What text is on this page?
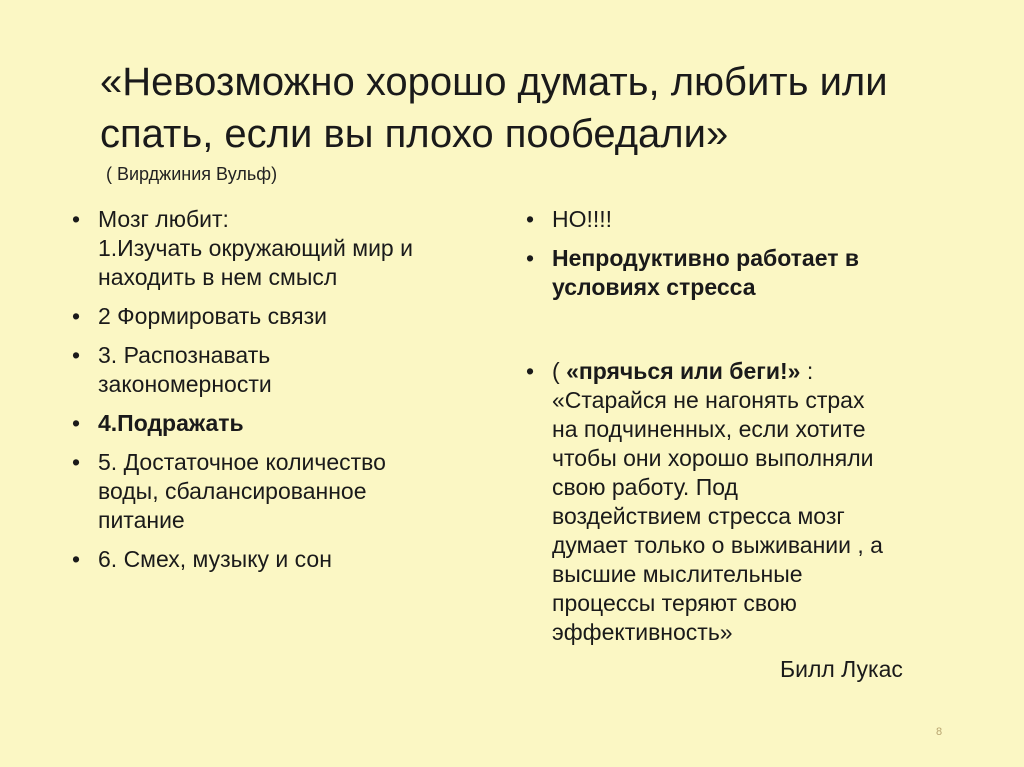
«Невозможно хорошо думать, любить или
спать, если вы плохо пообедали»
( Вирджиния Вульф)
• Мозг любит:
1.Изучать окружающий мир и
находить в нем смысл
• 2 Формировать связи
• 3. Распознавать
закономерности
• 4.Подражать
• 5. Достаточное количество
воды, сбалансированное
питание
• 6. Смех, музыку и сон
• НО!!!!
• Непродуктивно работает в
условиях стресса
• ( «прячься или беги!» :
«Старайся не нагонять страх
на подчиненных, если хотите
чтобы они хорошо выполняли
свою работу. Под
воздействием стресса мозг
думает только о выживании , а
высшие мыслительные
процессы теряют свою
эффективность»
Билл Лукас
8
